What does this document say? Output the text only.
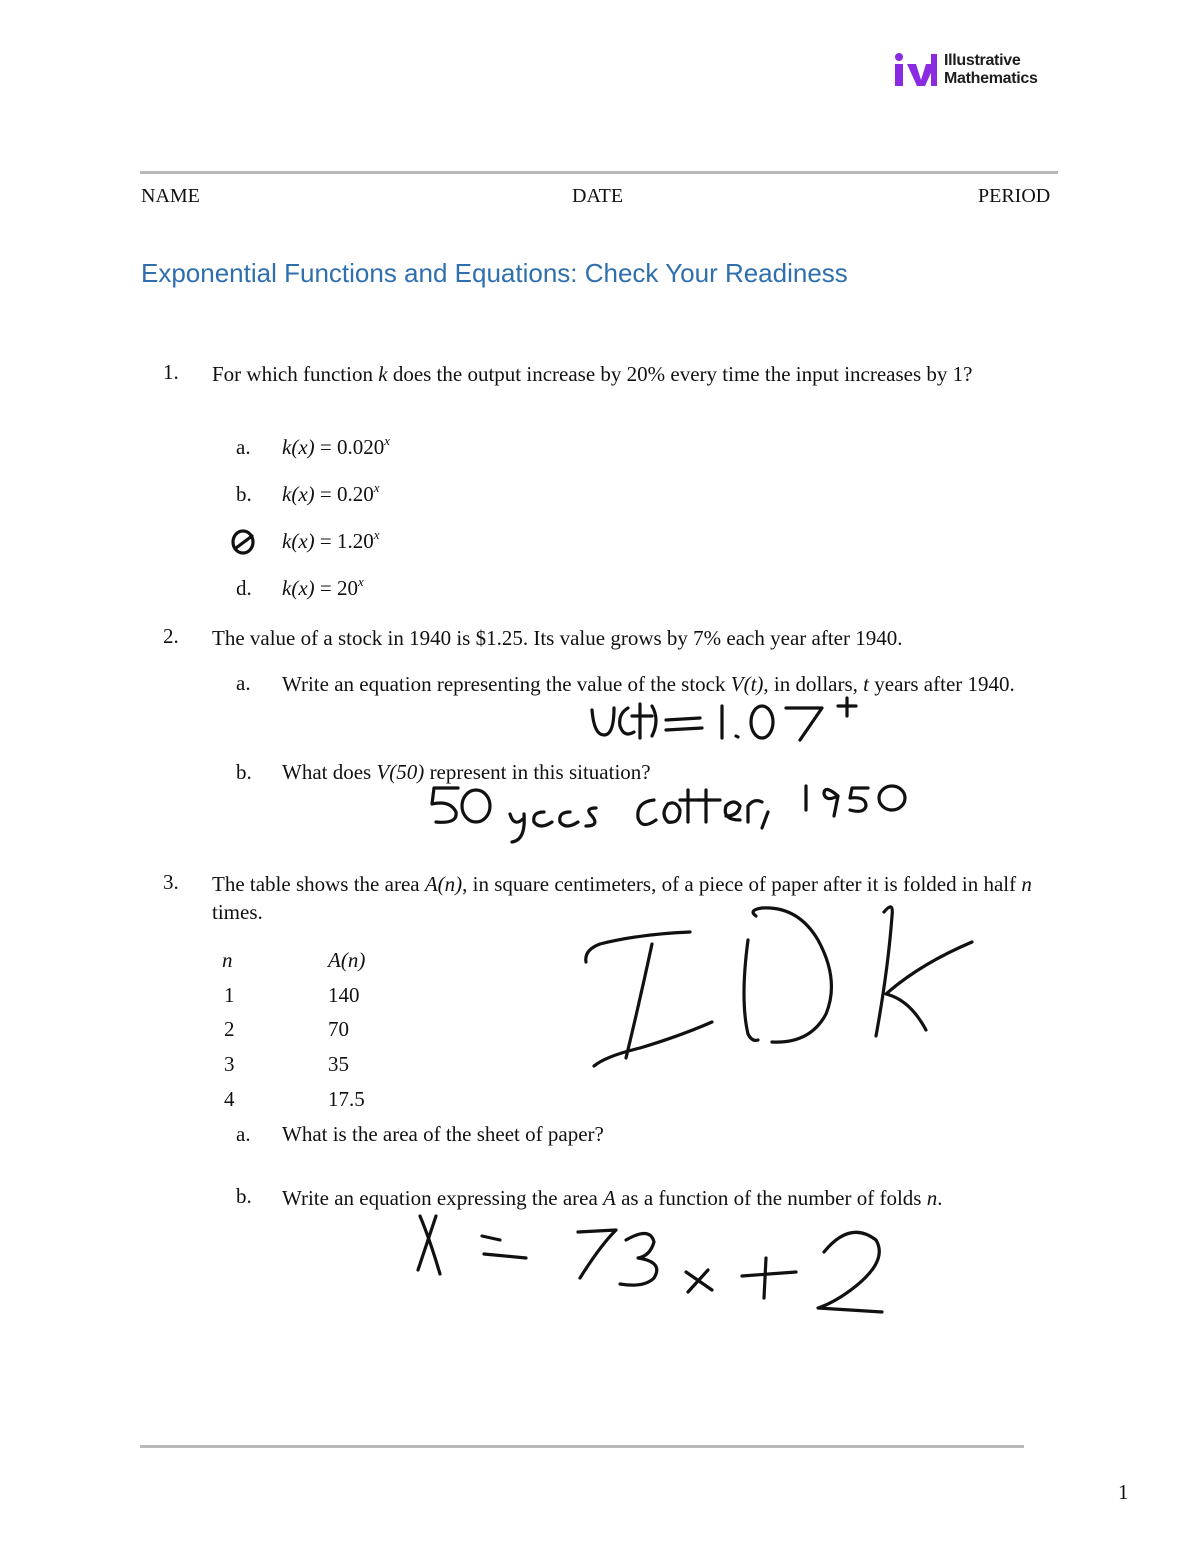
Illustrative
Mathematics
NAME	DATE	PERIOD
Exponential Functions and Equations: Check Your Readiness
1. For which function k does the output increase by 20% every time the input increases by 1?
a. $k(x) = 0.020^x$
b. $k(x) = 0.20^x$
c. $k(x) = 1.20^x$
d. $k(x) = 20^x$
2. The value of a stock in 1940 is $1.25. Its value grows by 7% each year after 1940.
a. Write an equation representing the value of the stock V(t), in dollars, t years after 1940.
b. What does V(50) represent in this situation?
3. The table shows the area A(n), in square centimeters, of a piece of paper after it is folded in half n times.
n	A(n)
1	140
2	70
3	35
4	17.5
a. What is the area of the sheet of paper?
b. Write an equation expressing the area A as a function of the number of folds n.
1
